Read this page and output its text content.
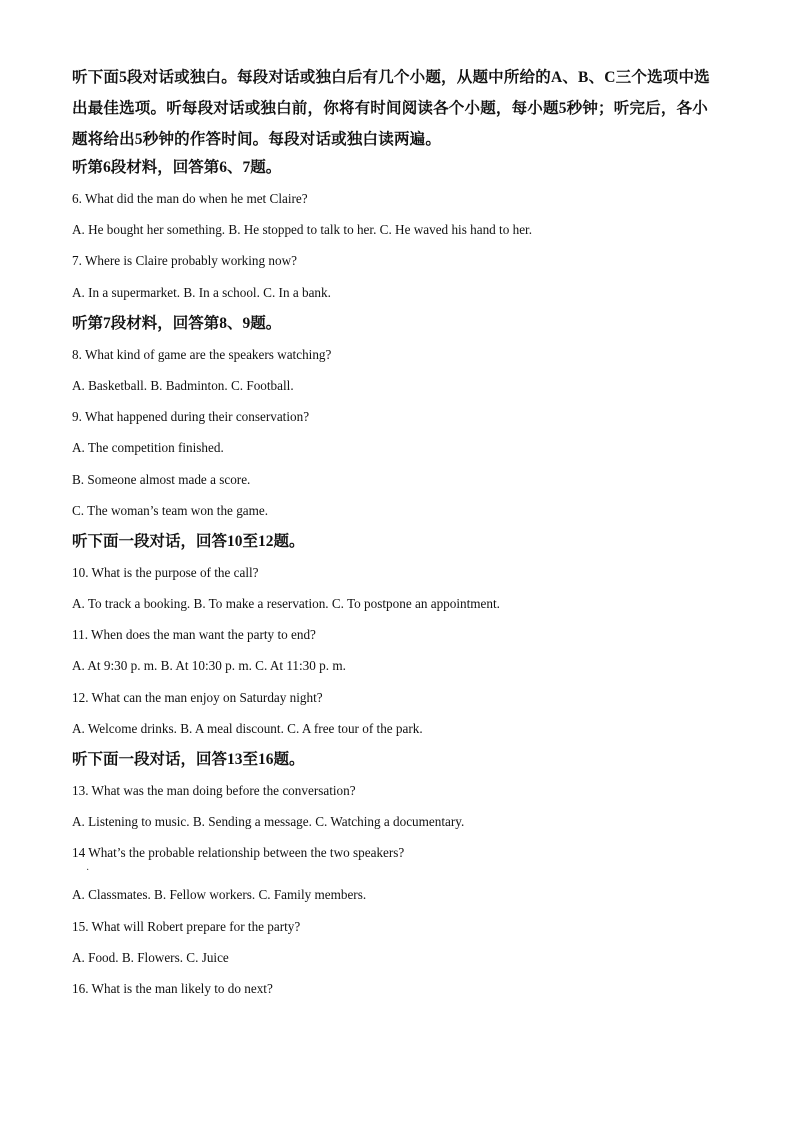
听下面5段对话或独白。每段对话或独白后有几个小题，从题中所给的A、B、C三个选项中选出最佳选项。听每段对话或独白前，你将有时间阅读各个小题，每小题5秒钟；听完后，各小题将给出5秒钟的作答时间。每段对话或独白读两遍。

听第6段材料，回答第6、7题。

6. What did the man do when he met Claire?

A. He bought her something. B. He stopped to talk to her. C. He waved his hand to her.

7. Where is Claire probably working now?

A. In a supermarket. B. In a school. C. In a bank.

听第7段材料，回答第8、9题。

8. What kind of game are the speakers watching?

A. Basketball. B. Badminton. C. Football.

9. What happened during their conservation?

A. The competition finished.

B. Someone almost made a score.

C. The woman’s team won the game.

听下面一段对话，回答10至12题。

10. What is the purpose of the call?

A. To track a booking. B. To make a reservation. C. To postpone an appointment.

11. When does the man want the party to end?

A. At 9:30 p. m. B. At 10:30 p. m. C. At 11:30 p. m.

12. What can the man enjoy on Saturday night?

A. Welcome drinks. B. A meal discount. C. A free tour of the park.

听下面一段对话，回答13至16题。

13. What was the man doing before the conversation?

A. Listening to music. B. Sending a message. C. Watching a documentary.

14 What’s the probable relationship between the two speakers?

·

A. Classmates. B. Fellow workers. C. Family members.

15. What will Robert prepare for the party?

A. Food. B. Flowers. C. Juice

16. What is the man likely to do next?
